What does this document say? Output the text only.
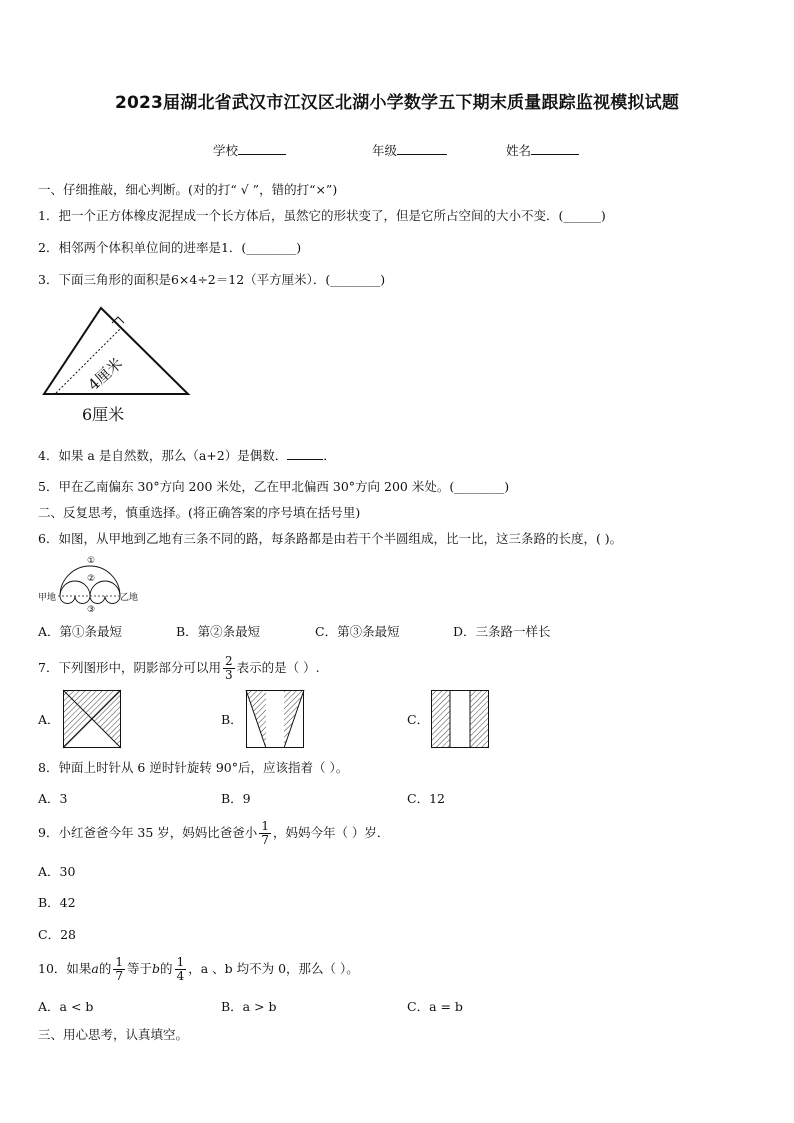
2023届湖北省武汉市江汉区北湖小学数学五下期末质量跟踪监视模拟试题
学校	年级	姓名
一、仔细推敲，细心判断。(对的打“ √ ”，错的打“×”)
1．把一个正方体橡皮泥捏成一个长方体后，虽然它的形状变了，但是它所占空间的大小不变．(______)
2．相邻两个体积单位间的进率是1．(________)
3．下面三角形的面积是6×4÷2＝12（平方厘米）．(________)
4厘米
6厘米
4．如果 a 是自然数，那么（a+2）是偶数．	．
5．甲在乙南偏东 30°方向 200 米处，乙在甲北偏西 30°方向 200 米处。(________)
二、反复思考，慎重选择。(将正确答案的序号填在括号里)
6．如图，从甲地到乙地有三条不同的路，每条路都是由若干个半圆组成，比一比，这三条路的长度，( )。
甲地	乙地
①
②
③
A．第①条最短	B．第②条最短	C．第③条最短	D．三条路一样长
7．下列图形中，阴影部分可以用 $\frac{2}{3}$ 表示的是（ ）.
A．	B．	C．
8．钟面上时针从 6 逆时针旋转 90°后，应该指着（ ）。
A．3	B．9	C．12
9．小红爸爸今年 35 岁，妈妈比爸爸小 $\frac{1}{7}$ ，妈妈今年（ ）岁．
A．30
B．42
C．28
10．如果a的 $\frac{1}{7}$ 等于b的 $\frac{1}{4}$ ，a 、b 均不为 0，那么（ ）。
A．a < b	B．a > b	C．a = b
三、用心思考，认真填空。
